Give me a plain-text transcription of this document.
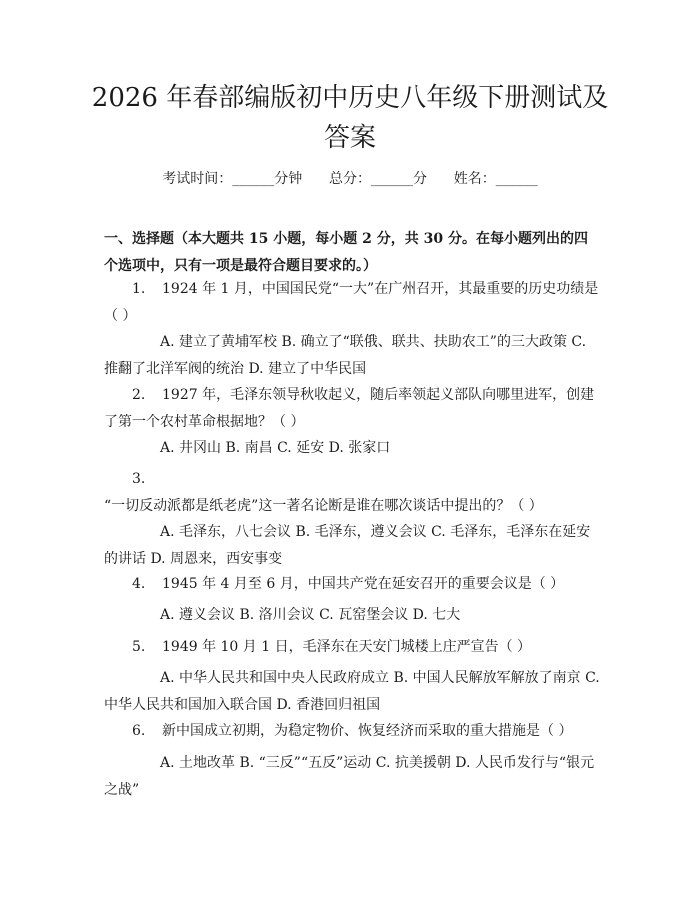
2026 年春部编版初中历史八年级下册测试及答案
考试时间：______分钟 总分：______分 姓名：______
一、选择题（本大题共 15 小题，每小题 2 分，共 30 分。在每小题列出的四个选项中，只有一项是最符合题目要求的。）
1. 1924 年 1 月，中国国民党“一大”在广州召开，其最重要的历史功绩是（ ）
A. 建立了黄埔军校 B. 确立了“联俄、联共、扶助农工”的三大政策 C. 推翻了北洋军阀的统治 D. 建立了中华民国
2. 1927 年，毛泽东领导秋收起义，随后率领起义部队向哪里进军，创建了第一个农村革命根据地？（ ）
A. 井冈山 B. 南昌 C. 延安 D. 张家口
3.“一切反动派都是纸老虎”这一著名论断是谁在哪次谈话中提出的？（ ）
A. 毛泽东，八七会议 B. 毛泽东，遵义会议 C. 毛泽东，毛泽东在延安的讲话 D. 周恩来，西安事变
4. 1945 年 4 月至 6 月，中国共产党在延安召开的重要会议是（ ）
A. 遵义会议 B. 洛川会议 C. 瓦窑堡会议 D. 七大
5. 1949 年 10 月 1 日，毛泽东在天安门城楼上庄严宣告（ ）
A. 中华人民共和国中央人民政府成立 B. 中国人民解放军解放了南京 C. 中华人民共和国加入联合国 D. 香港回归祖国
6. 新中国成立初期，为稳定物价、恢复经济而采取的重大措施是（ ）
A. 土地改革 B. “三反”“五反”运动 C. 抗美援朝 D. 人民币发行与“银元之战”
